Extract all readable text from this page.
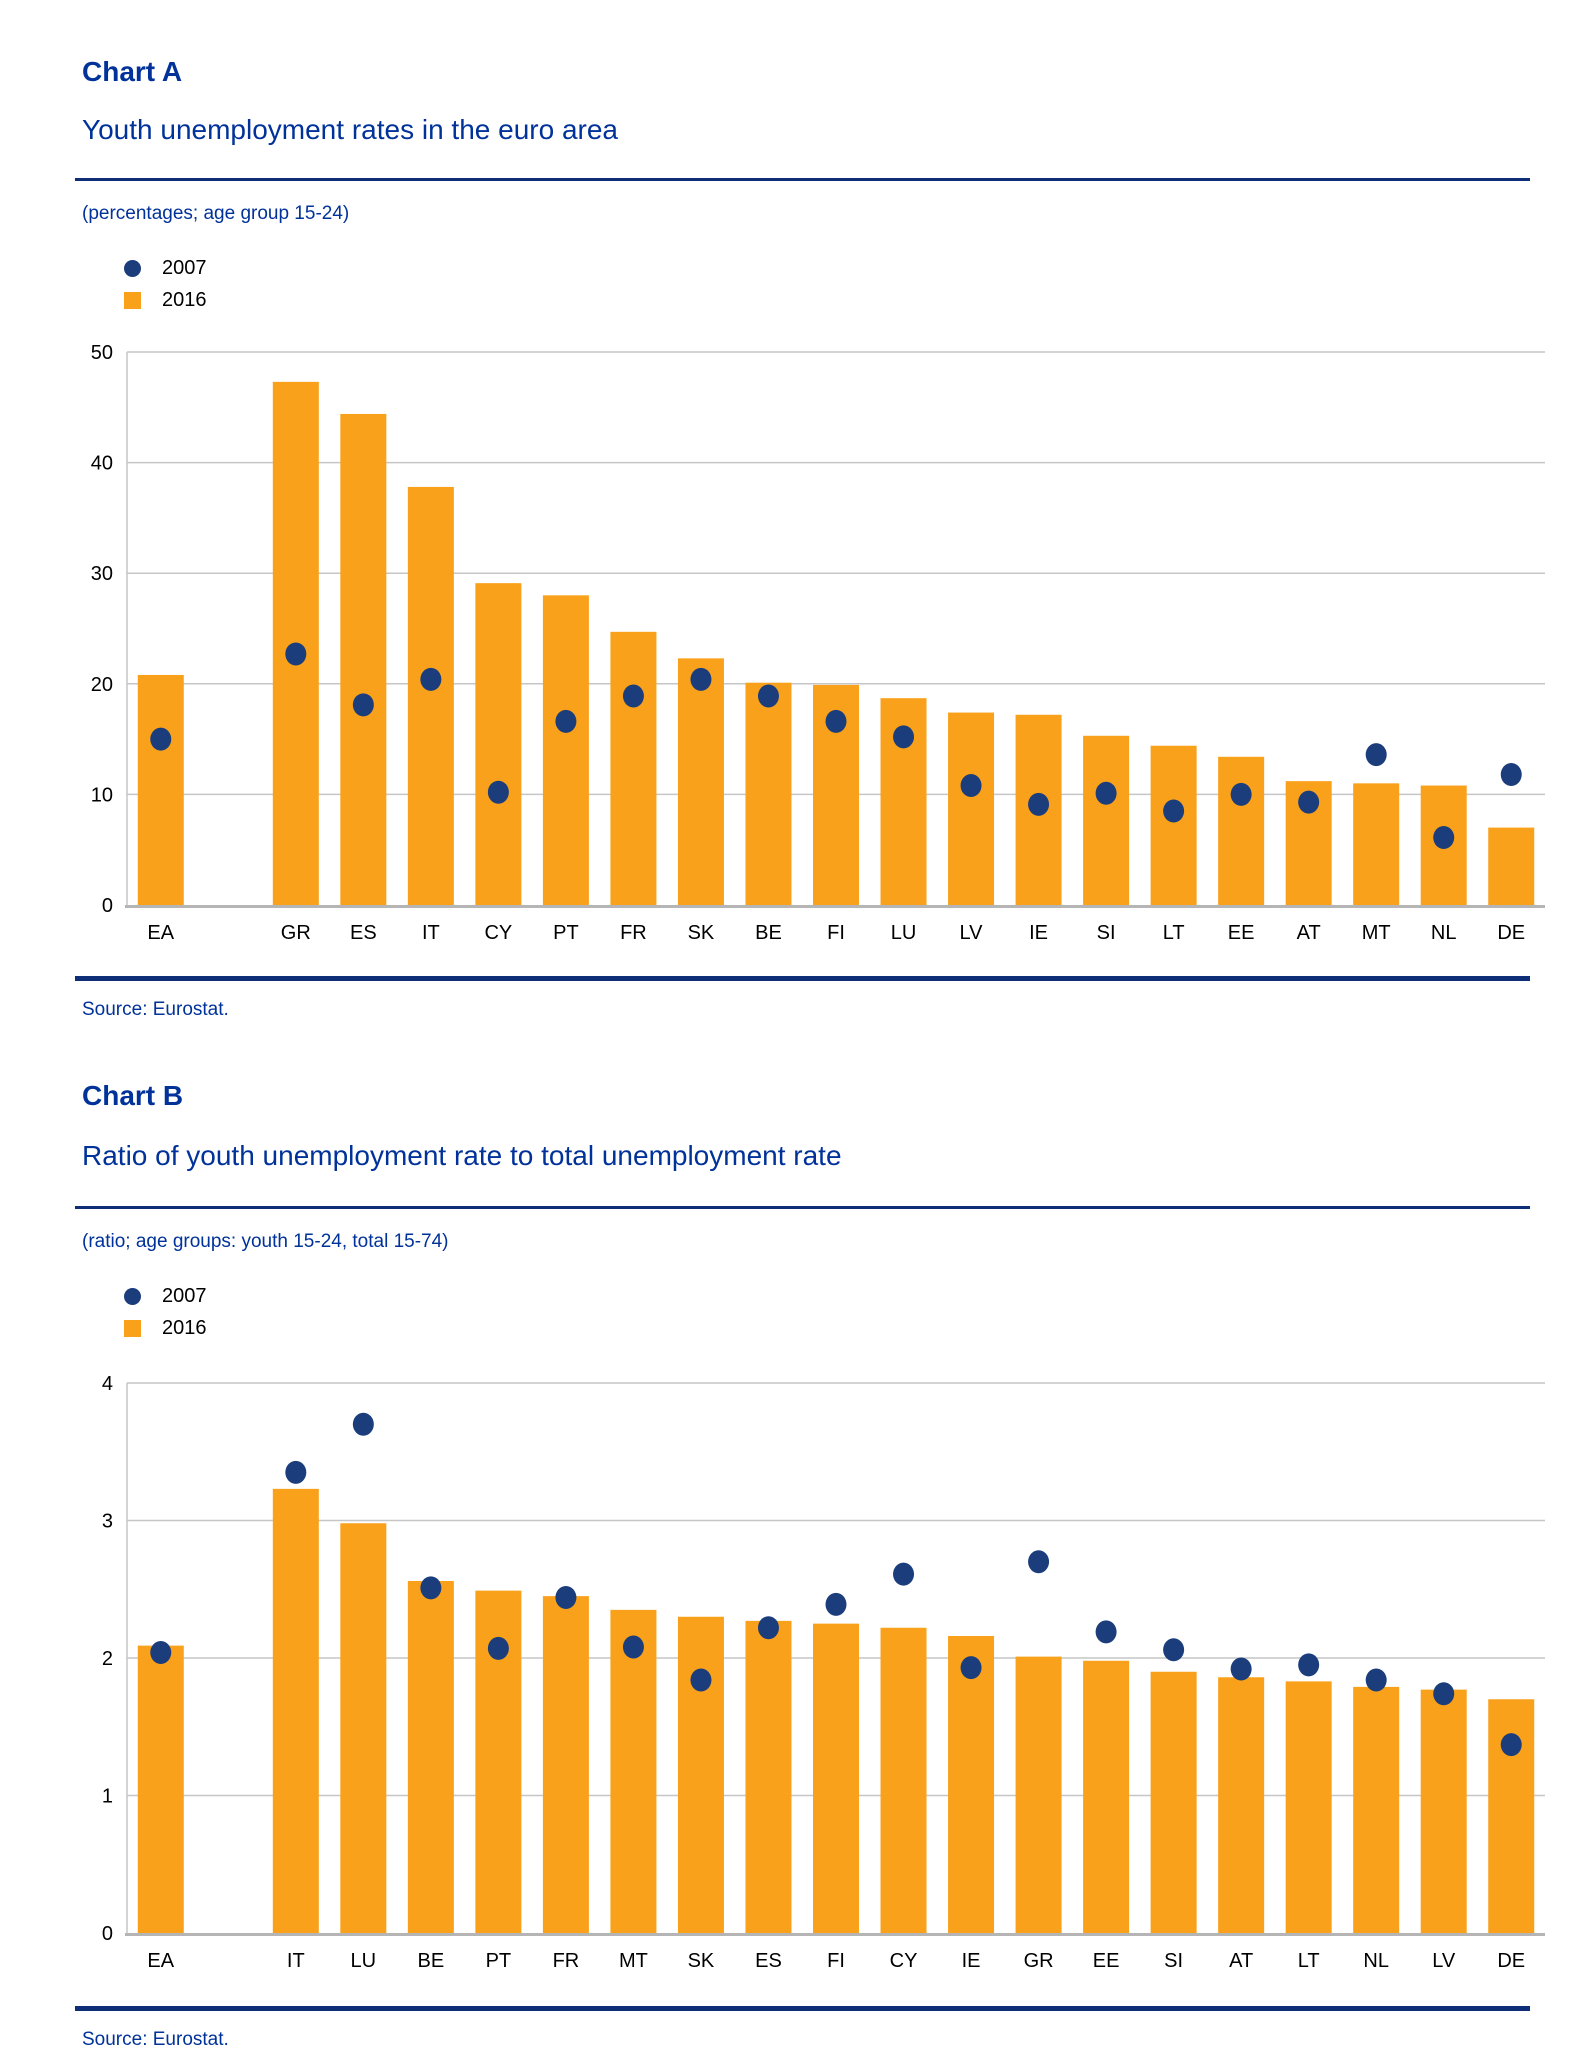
Chart A
Youth unemployment rates in the euro area
(percentages; age group 15-24)
2007
2016
0
10
20
30
40
50
EA	GR ES IT CY PT FR SK BE FI LU LV IE SI LT EE AT MT NL DE
Source: Eurostat.
Chart B
Ratio of youth unemployment rate to total unemployment rate
(ratio; age groups: youth 15-24, total 15-74)
2007
2016
0
1
2
3
4
EA	IT LU BE PT FR MT SK ES FI CY IE GR EE SI AT LT NL LV DE
Source: Eurostat.
